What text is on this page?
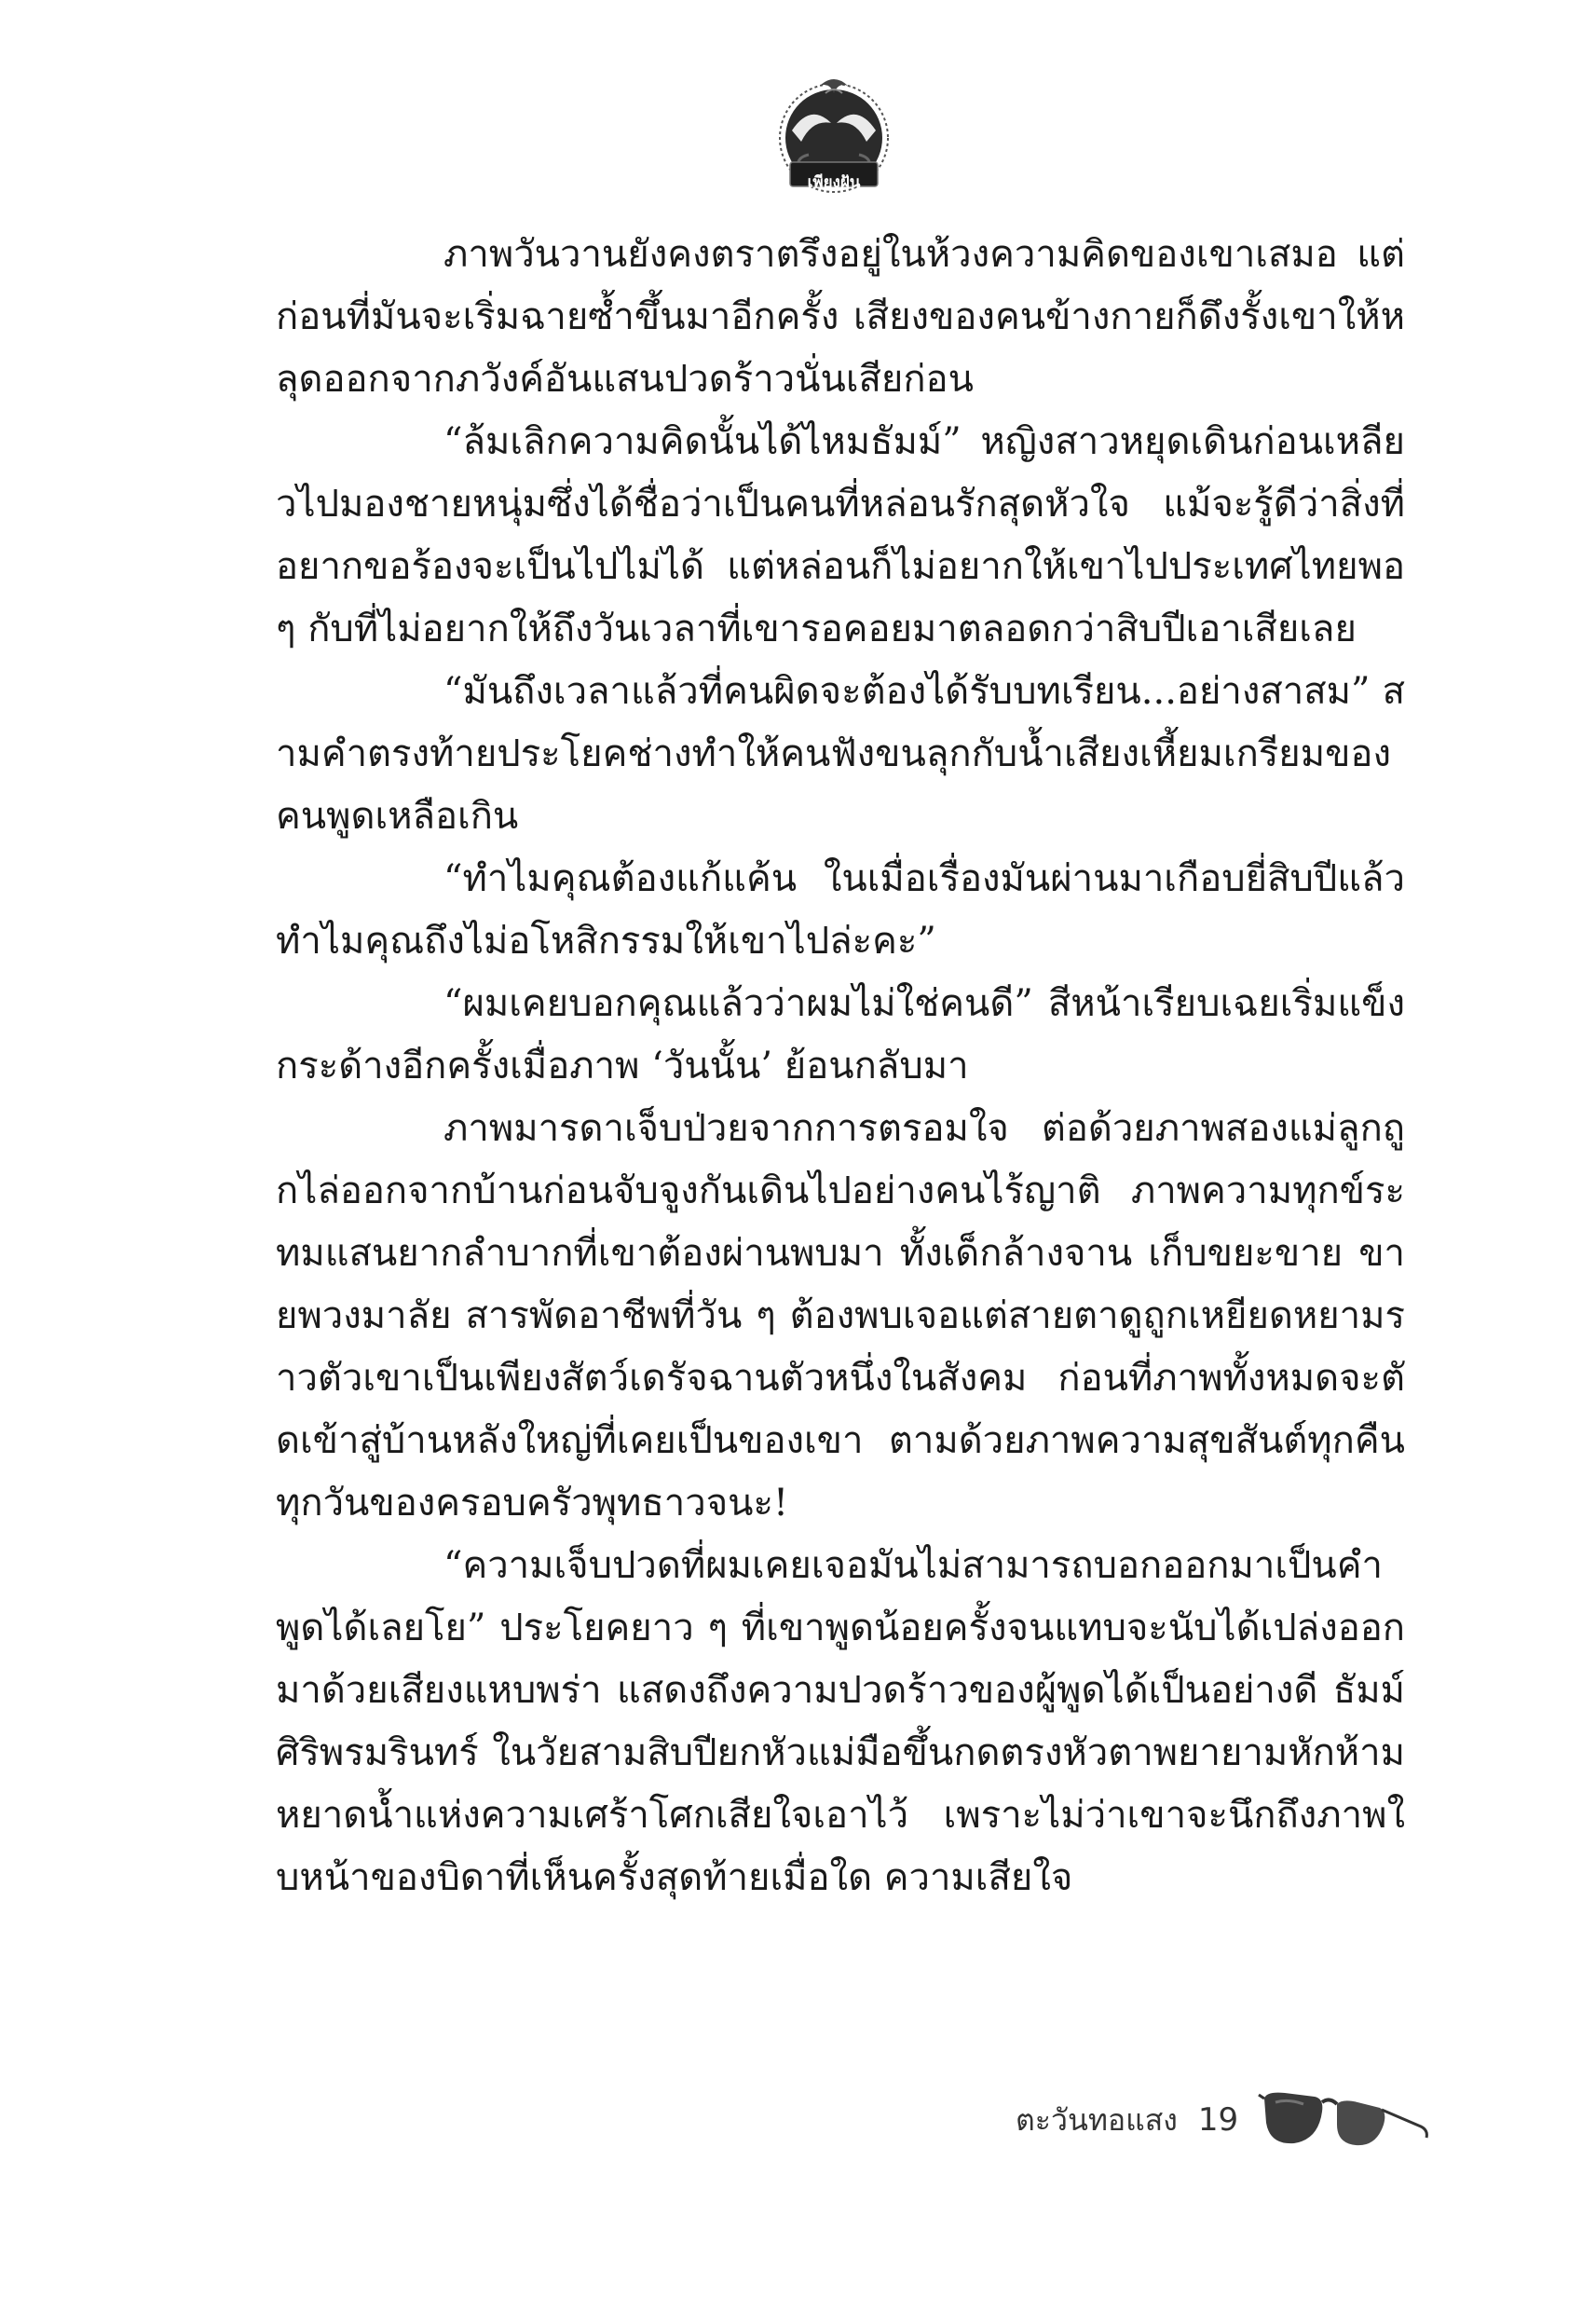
เพียงฝัน

ภาพวันวานยังคงตราตรึงอยู่ในห้วงความคิดของเขาเสมอ แต่ก่อนที่มันจะเริ่มฉายซ้ำขึ้นมาอีกครั้ง เสียงของคนข้างกายก็ดึงรั้งเขาให้หลุดออกจากภวังค์อันแสนปวดร้าวนั่นเสียก่อน

“ล้มเลิกความคิดนั้นได้ไหมธัมม์” หญิงสาวหยุดเดินก่อนเหลียวไปมองชายหนุ่มซึ่งได้ชื่อว่าเป็นคนที่หล่อนรักสุดหัวใจ แม้จะรู้ดีว่าสิ่งที่อยากขอร้องจะเป็นไปไม่ได้ แต่หล่อนก็ไม่อยากให้เขาไปประเทศไทยพอ ๆ กับที่ไม่อยากให้ถึงวันเวลาที่เขารอคอยมาตลอดกว่าสิบปีเอาเสียเลย

“มันถึงเวลาแล้วที่คนผิดจะต้องได้รับบทเรียน...อย่างสาสม” สามคำตรงท้ายประโยคช่างทำให้คนฟังขนลุกกับน้ำเสียงเหี้ยมเกรียมของคนพูดเหลือเกิน

“ทำไมคุณต้องแก้แค้น ในเมื่อเรื่องมันผ่านมาเกือบยี่สิบปีแล้ว ทำไมคุณถึงไม่อโหสิกรรมให้เขาไปล่ะคะ”

“ผมเคยบอกคุณแล้วว่าผมไม่ใช่คนดี” สีหน้าเรียบเฉยเริ่มแข็งกระด้างอีกครั้งเมื่อภาพ ‘วันนั้น’ ย้อนกลับมา

ภาพมารดาเจ็บป่วยจากการตรอมใจ ต่อด้วยภาพสองแม่ลูกถูกไล่ออกจากบ้านก่อนจับจูงกันเดินไปอย่างคนไร้ญาติ ภาพความทุกข์ระทมแสนยากลำบากที่เขาต้องผ่านพบมา ทั้งเด็กล้างจาน เก็บขยะขาย ขายพวงมาลัย สารพัดอาชีพที่วัน ๆ ต้องพบเจอแต่สายตาดูถูกเหยียดหยามราวตัวเขาเป็นเพียงสัตว์เดรัจฉานตัวหนึ่งในสังคม ก่อนที่ภาพทั้งหมดจะตัดเข้าสู่บ้านหลังใหญ่ที่เคยเป็นของเขา ตามด้วยภาพความสุขสันต์ทุกคืนทุกวันของครอบครัวพุทธาวจนะ!

“ความเจ็บปวดที่ผมเคยเจอมันไม่สามารถบอกออกมาเป็นคำพูดได้เลยโย” ประโยคยาว ๆ ที่เขาพูดน้อยครั้งจนแทบจะนับได้เปล่งออกมาด้วยเสียงแหบพร่า แสดงถึงความปวดร้าวของผู้พูดได้เป็นอย่างดี ธัมม์ ศิริพรมรินทร์ ในวัยสามสิบปียกหัวแม่มือขึ้นกดตรงหัวตาพยายามหักห้ามหยาดน้ำแห่งความเศร้าโศกเสียใจเอาไว้ เพราะไม่ว่าเขาจะนึกถึงภาพใบหน้าของบิดาที่เห็นครั้งสุดท้ายเมื่อใด ความเสียใจ

ตะวันทอแสง 19
